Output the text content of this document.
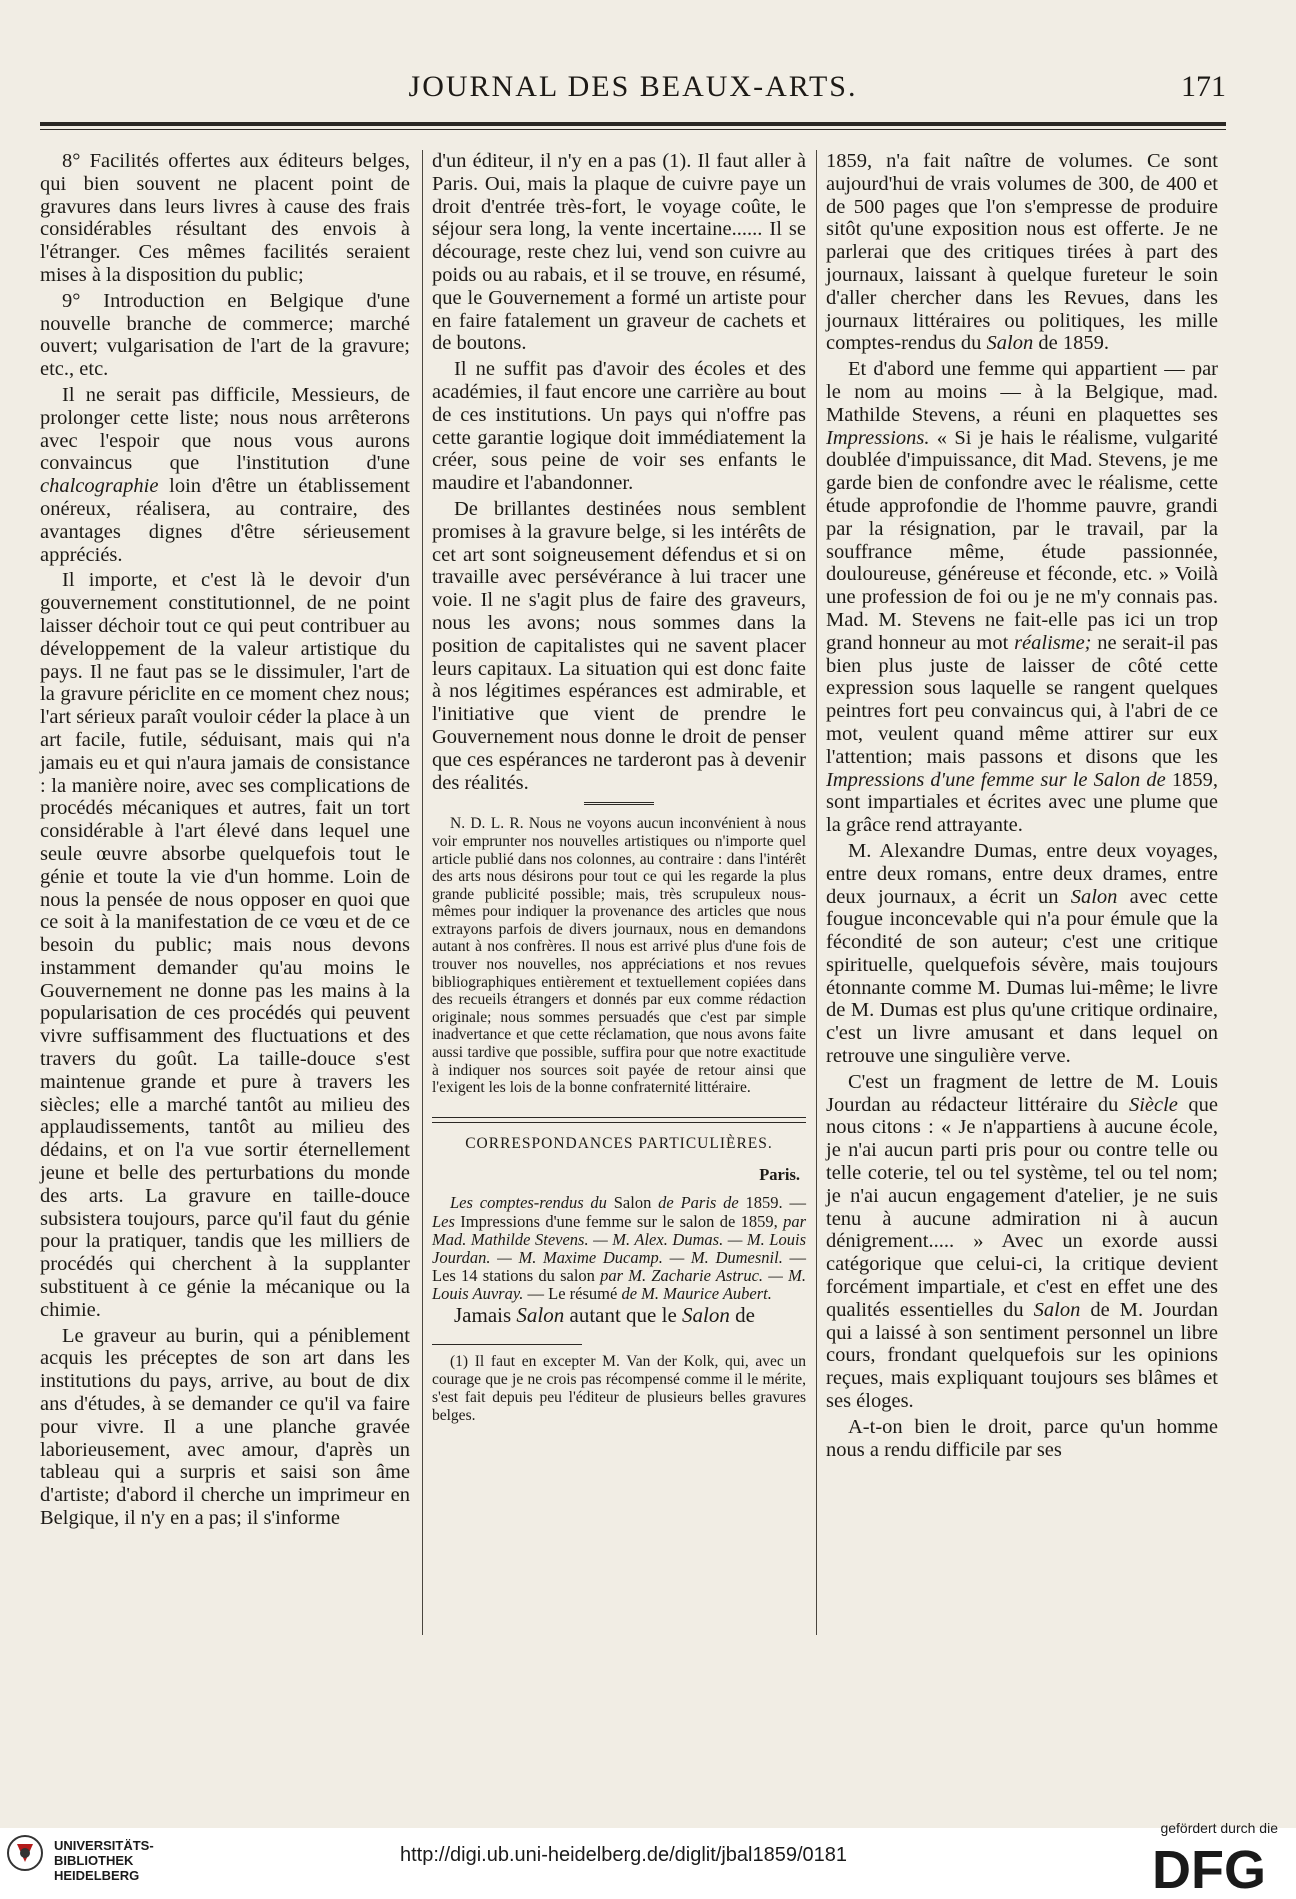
JOURNAL DES BEAUX-ARTS.	171

8° Facilités offertes aux éditeurs belges, qui bien souvent ne placent point de gravures dans leurs livres à cause des frais considérables résultant des envois à l'étranger. Ces mêmes facilités seraient mises à la disposition du public;

9° Introduction en Belgique d'une nouvelle branche de commerce; marché ouvert; vulgarisation de l'art de la gravure; etc., etc.

Il ne serait pas difficile, Messieurs, de prolonger cette liste; nous nous arrêterons avec l'espoir que nous vous aurons convaincus que l'institution d'une chalcographie loin d'être un établissement onéreux, réalisera, au contraire, des avantages dignes d'être sérieusement appréciés.

Il importe, et c'est là le devoir d'un gouvernement constitutionnel, de ne point laisser déchoir tout ce qui peut contribuer au développement de la valeur artistique du pays. Il ne faut pas se le dissimuler, l'art de la gravure périclite en ce moment chez nous; l'art sérieux paraît vouloir céder la place à un art facile, futile, séduisant, mais qui n'a jamais eu et qui n'aura jamais de consistance : la manière noire, avec ses complications de procédés mécaniques et autres, fait un tort considérable à l'art élevé dans lequel une seule œuvre absorbe quelquefois tout le génie et toute la vie d'un homme. Loin de nous la pensée de nous opposer en quoi que ce soit à la manifestation de ce vœu et de ce besoin du public; mais nous devons instamment demander qu'au moins le Gouvernement ne donne pas les mains à la popularisation de ces procédés qui peuvent vivre suffisamment des fluctuations et des travers du goût. La taille-douce s'est maintenue grande et pure à travers les siècles; elle a marché tantôt au milieu des applaudissements, tantôt au milieu des dédains, et on l'a vue sortir éternellement jeune et belle des perturbations du monde des arts. La gravure en taille-douce subsistera toujours, parce qu'il faut du génie pour la pratiquer, tandis que les milliers de procédés qui cherchent à la supplanter substituent à ce génie la mécanique ou la chimie.

Le graveur au burin, qui a péniblement acquis les préceptes de son art dans les institutions du pays, arrive, au bout de dix ans d'études, à se demander ce qu'il va faire pour vivre. Il a une planche gravée laborieusement, avec amour, d'après un tableau qui a surpris et saisi son âme d'artiste; d'abord il cherche un imprimeur en Belgique, il n'y en a pas; il s'informe

d'un éditeur, il n'y en a pas (1). Il faut aller à Paris. Oui, mais la plaque de cuivre paye un droit d'entrée très-fort, le voyage coûte, le séjour sera long, la vente incertaine...... Il se décourage, reste chez lui, vend son cuivre au poids ou au rabais, et il se trouve, en résumé, que le Gouvernement a formé un artiste pour en faire fatalement un graveur de cachets et de boutons.

Il ne suffit pas d'avoir des écoles et des académies, il faut encore une carrière au bout de ces institutions. Un pays qui n'offre pas cette garantie logique doit immédiatement la créer, sous peine de voir ses enfants le maudire et l'abandonner.

De brillantes destinées nous semblent promises à la gravure belge, si les intérêts de cet art sont soigneusement défendus et si on travaille avec persévérance à lui tracer une voie. Il ne s'agit plus de faire des graveurs, nous les avons; nous sommes dans la position de capitalistes qui ne savent placer leurs capitaux. La situation qui est donc faite à nos légitimes espérances est admirable, et l'initiative que vient de prendre le Gouvernement nous donne le droit de penser que ces espérances ne tarderont pas à devenir des réalités.

N. D. L. R. Nous ne voyons aucun inconvénient à nous voir emprunter nos nouvelles artistiques ou n'importe quel article publié dans nos colonnes, au contraire : dans l'intérêt des arts nous désirons pour tout ce qui les regarde la plus grande publicité possible; mais, très scrupuleux nous-mêmes pour indiquer la provenance des articles que nous extrayons parfois de divers journaux, nous en demandons autant à nos confrères. Il nous est arrivé plus d'une fois de trouver nos nouvelles, nos appréciations et nos revues bibliographiques entièrement et textuellement copiées dans des recueils étrangers et donnés par eux comme rédaction originale; nous sommes persuadés que c'est par simple inadvertance et que cette réclamation, que nous avons faite aussi tardive que possible, suffira pour que notre exactitude à indiquer nos sources soit payée de retour ainsi que l'exigent les lois de la bonne confraternité littéraire.

CORRESPONDANCES PARTICULIÈRES.
Paris.

Les comptes-rendus du Salon de Paris de 1859. — Les Impressions d'une femme sur le salon de 1859, par Mad. Mathilde Stevens. — M. Alex. Dumas. — M. Louis Jourdan. — M. Maxime Ducamp. — M. Dumesnil. — Les 14 stations du salon par M. Zacharie Astruc. — M. Louis Auvray. — Le résumé de M. Maurice Aubert.

Jamais Salon autant que le Salon de

(1) Il faut en excepter M. Van der Kolk, qui, avec un courage que je ne crois pas récompensé comme il le mérite, s'est fait depuis peu l'éditeur de plusieurs belles gravures belges.

1859, n'a fait naître de volumes. Ce sont aujourd'hui de vrais volumes de 300, de 400 et de 500 pages que l'on s'empresse de produire sitôt qu'une exposition nous est offerte. Je ne parlerai que des critiques tirées à part des journaux, laissant à quelque fureteur le soin d'aller chercher dans les Revues, dans les journaux littéraires ou politiques, les mille comptes-rendus du Salon de 1859.

Et d'abord une femme qui appartient — par le nom au moins — à la Belgique, mad. Mathilde Stevens, a réuni en plaquettes ses Impressions. « Si je hais le réalisme, vulgarité doublée d'impuissance, dit Mad. Stevens, je me garde bien de confondre avec le réalisme, cette étude approfondie de l'homme pauvre, grandi par la résignation, par le travail, par la souffrance même, étude passionnée, douloureuse, généreuse et féconde, etc. » Voilà une profession de foi ou je ne m'y connais pas. Mad. M. Stevens ne fait-elle pas ici un trop grand honneur au mot réalisme; ne serait-il pas bien plus juste de laisser de côté cette expression sous laquelle se rangent quelques peintres fort peu convaincus qui, à l'abri de ce mot, veulent quand même attirer sur eux l'attention; mais passons et disons que les Impressions d'une femme sur le Salon de 1859, sont impartiales et écrites avec une plume que la grâce rend attrayante.

M. Alexandre Dumas, entre deux voyages, entre deux romans, entre deux drames, entre deux journaux, a écrit un Salon avec cette fougue inconcevable qui n'a pour émule que la fécondité de son auteur; c'est une critique spirituelle, quelquefois sévère, mais toujours étonnante comme M. Dumas lui-même; le livre de M. Dumas est plus qu'une critique ordinaire, c'est un livre amusant et dans lequel on retrouve une singulière verve.

C'est un fragment de lettre de M. Louis Jourdan au rédacteur littéraire du Siècle que nous citons : « Je n'appartiens à aucune école, je n'ai aucun parti pris pour ou contre telle ou telle coterie, tel ou tel système, tel ou tel nom; je n'ai aucun engagement d'atelier, je ne suis tenu à aucune admiration ni à aucun dénigrement..... » Avec un exorde aussi catégorique que celui-ci, la critique devient forcément impartiale, et c'est en effet une des qualités essentielles du Salon de M. Jourdan qui a laissé à son sentiment personnel un libre cours, frondant quelquefois sur les opinions reçues, mais expliquant toujours ses blâmes et ses éloges.

A-t-on bien le droit, parce qu'un homme nous a rendu difficile par ses

UNIVERSITÄTS-
BIBLIOTHEK
HEIDELBERG
http://digi.ub.uni-heidelberg.de/diglit/jbal1859/0181
gefördert durch die
DFG
